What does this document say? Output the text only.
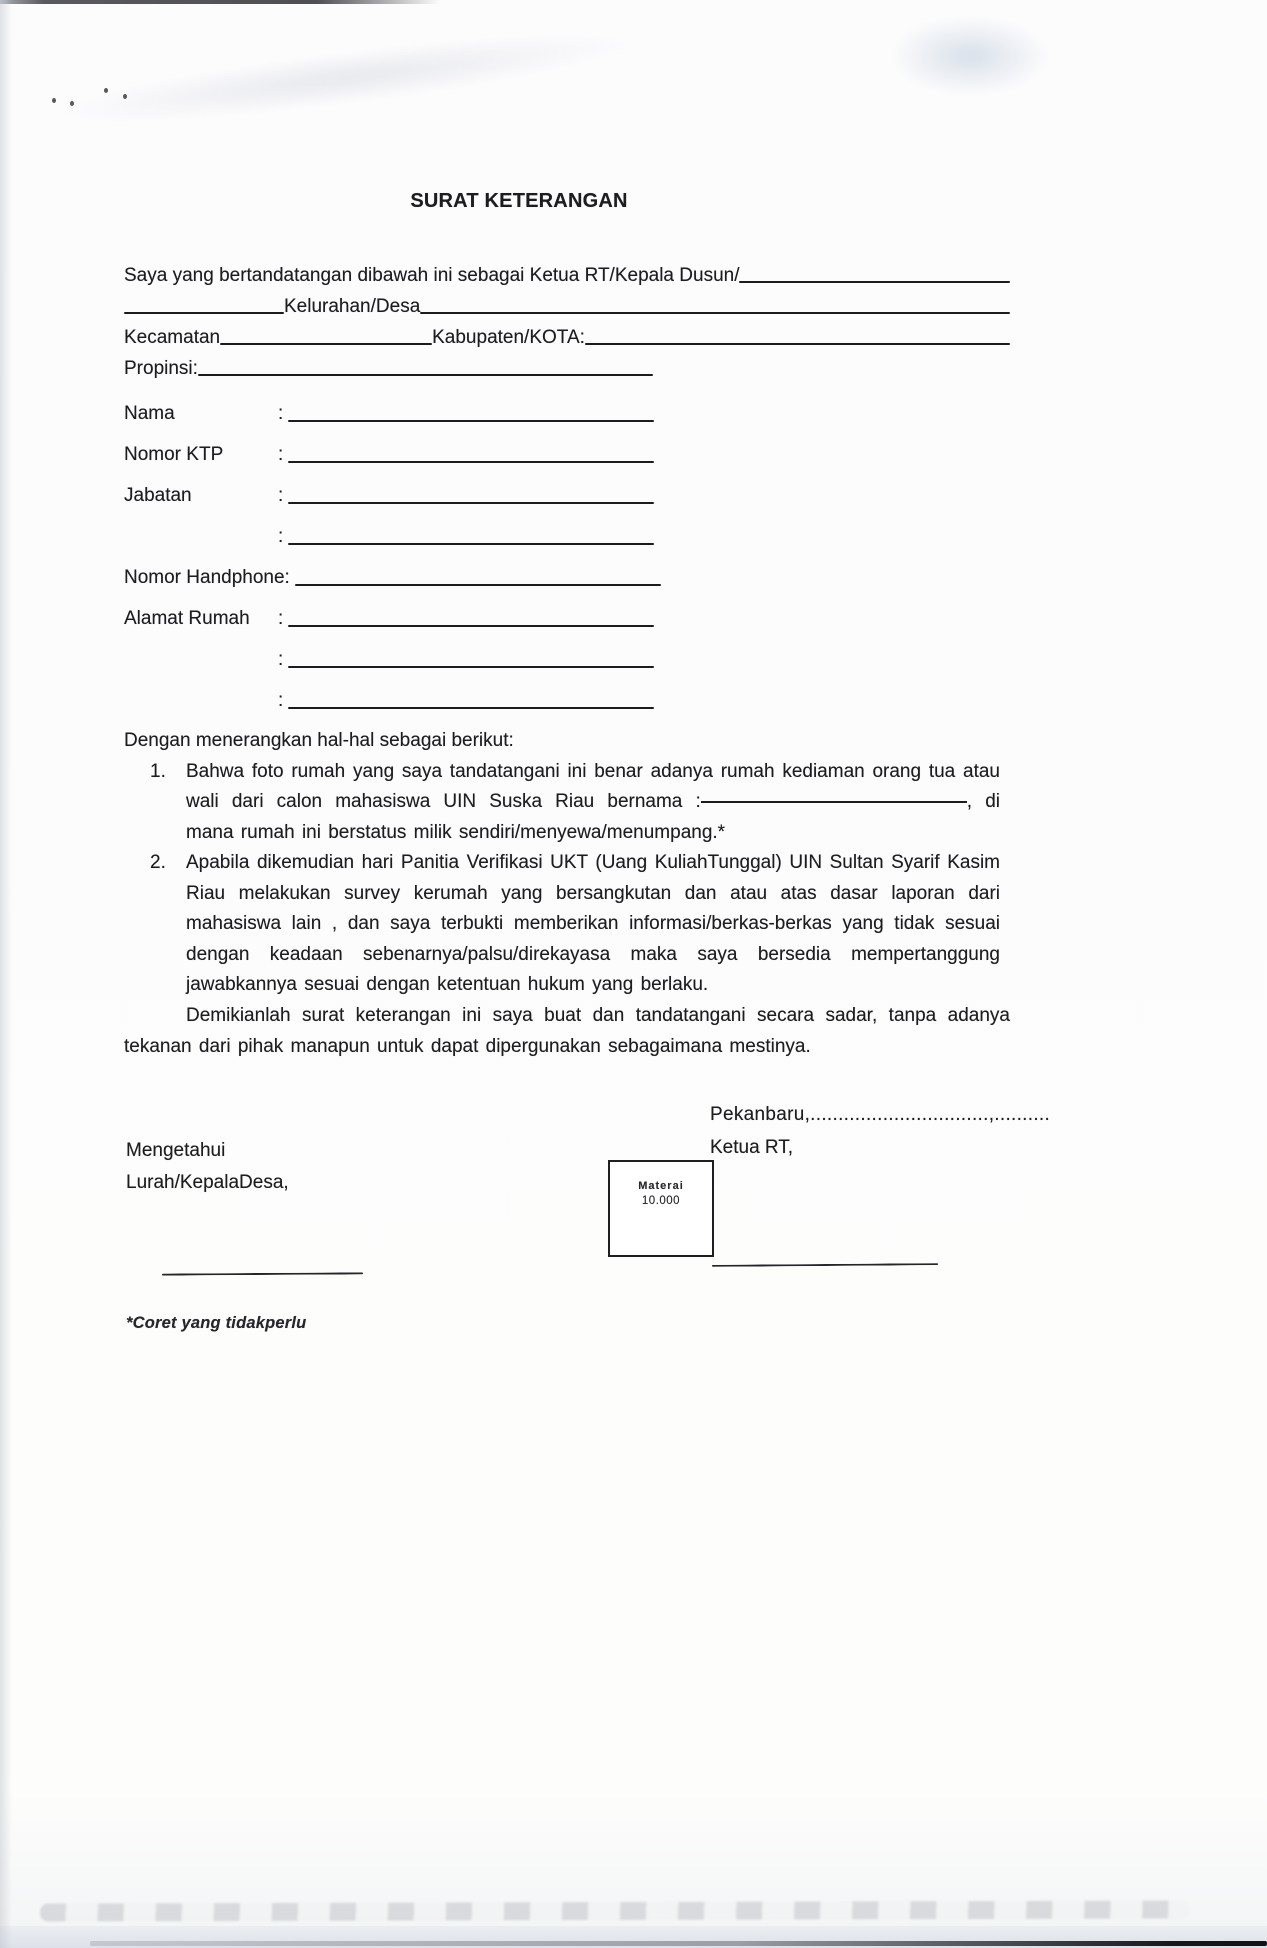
SURAT KETERANGAN
Saya yang bertandatangan dibawah ini sebagai Ketua RT/Kepala Dusun/
Kelurahan/Desa
Kecamatan	Kabupaten/KOTA:
Propinsi:
Nama	:
Nomor KTP	:
Jabatan	:
:
Nomor Handphone :
Alamat Rumah	:
:
:
Dengan menerangkan hal-hal sebagai berikut:
1. Bahwa foto rumah yang saya tandatangani ini benar adanya rumah kediaman orang tua atau wali dari calon mahasiswa UIN Suska Riau bernama :	, di mana rumah ini berstatus milik sendiri/menyewa/menumpang.*
2. Apabila dikemudian hari Panitia Verifikasi UKT (Uang KuliahTunggal) UIN Sultan Syarif Kasim Riau melakukan survey kerumah yang bersangkutan dan atau atas dasar laporan dari mahasiswa lain , dan saya terbukti memberikan informasi/berkas-berkas yang tidak sesuai dengan keadaan sebenarnya/palsu/direkayasa maka saya bersedia mempertanggung jawabkannya sesuai dengan ketentuan hukum yang berlaku.
Demikianlah surat keterangan ini saya buat dan tandatangani secara sadar, tanpa adanya tekanan dari pihak manapun untuk dapat dipergunakan sebagaimana mestinya.
Pekanbaru,................................,..........
Ketua RT,
Mengetahui
Lurah/KepalaDesa,	Materai
10.000
*Coret yang tidakperlu
